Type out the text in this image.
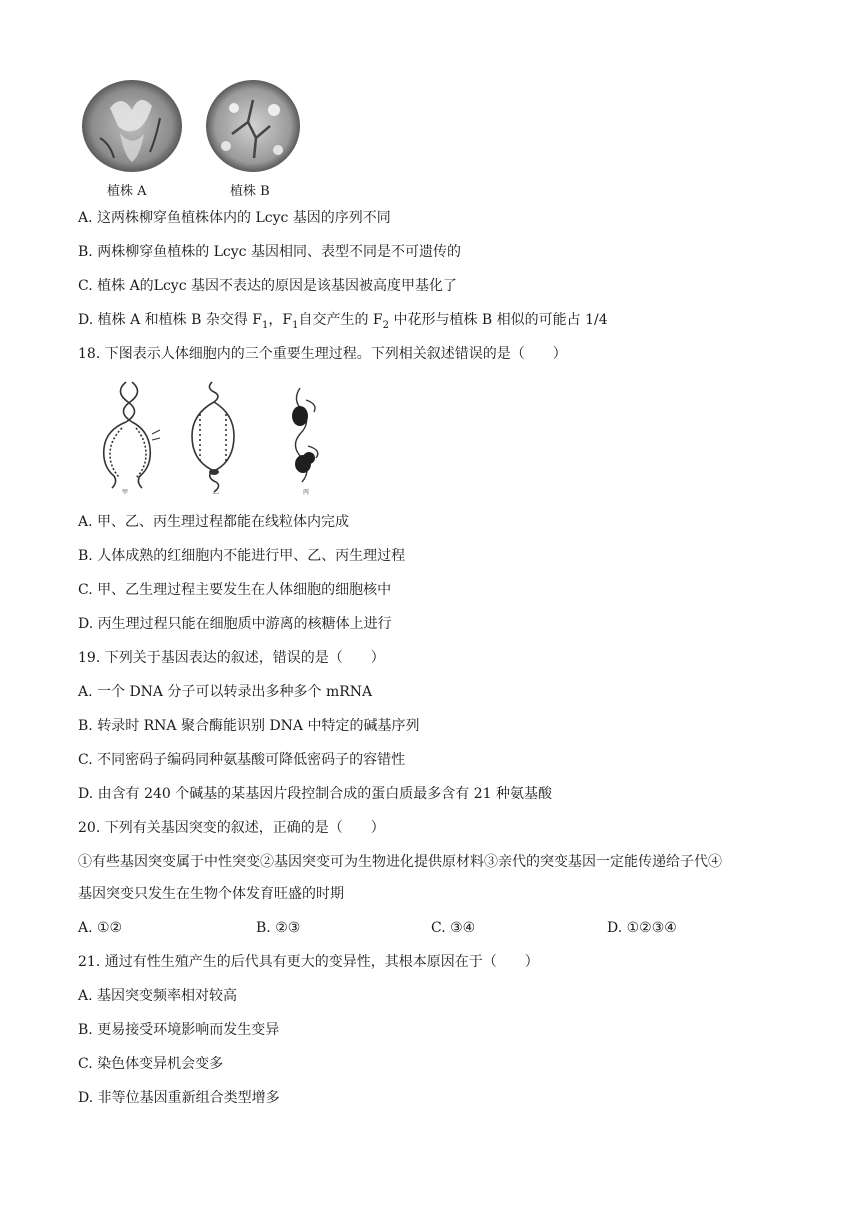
植株 A	植株 B
A. 这两株柳穿鱼植株体内的 Lcyc 基因的序列不同
B. 两株柳穿鱼植株的 Lcyc 基因相同、表型不同是不可遗传的
C. 植株 A的Lcyc 基因不表达的原因是该基因被高度甲基化了
D. 植株 A 和植株 B 杂交得 $F_1$，$F_1$自交产生的 $F_2$ 中花形与植株 B 相似的可能占 1/4
18. 下图表示人体细胞内的三个重要生理过程。下列相关叙述错误的是（　　）
甲	乙	丙
A. 甲、乙、丙生理过程都能在线粒体内完成
B. 人体成熟的红细胞内不能进行甲、乙、丙生理过程
C. 甲、乙生理过程主要发生在人体细胞的细胞核中
D. 丙生理过程只能在细胞质中游离的核糖体上进行
19. 下列关于基因表达的叙述，错误的是（　　）
A. 一个 DNA 分子可以转录出多种多个 mRNA
B. 转录时 RNA 聚合酶能识别 DNA 中特定的碱基序列
C. 不同密码子编码同种氨基酸可降低密码子的容错性
D. 由含有 240 个碱基的某基因片段控制合成的蛋白质最多含有 21 种氨基酸
20. 下列有关基因突变的叙述，正确的是（　　）
①有些基因突变属于中性突变②基因突变可为生物进化提供原材料③亲代的突变基因一定能传递给子代④
基因突变只发生在生物个体发育旺盛的时期
A. ①②	B. ②③	C. ③④	D. ①②③④
21. 通过有性生殖产生的后代具有更大的变异性，其根本原因在于（　　）
A. 基因突变频率相对较高
B. 更易接受环境影响而发生变异
C. 染色体变异机会变多
D. 非等位基因重新组合类型增多
